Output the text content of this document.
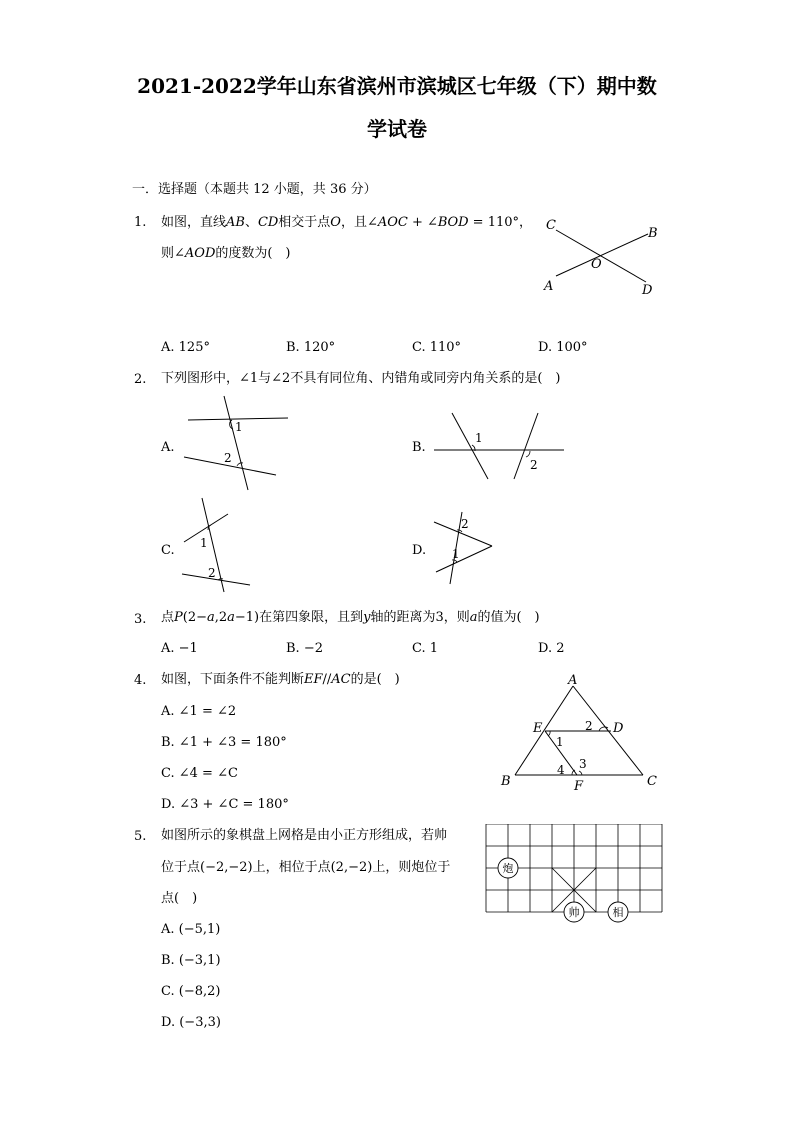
2021-2022学年山东省滨州市滨城区七年级（下）期中数
学试卷
一．选择题（本题共 12 小题，共 36 分）
1. 如图，直线𝐴𝐵、𝐶𝐷相交于点𝑂，且∠𝐴𝑂𝐶 + ∠𝐵𝑂𝐷 = 110°，
则∠𝐴𝑂𝐷的度数为(　)
C
B
O
A	D
A. 125°	B. 120°	C. 110°	D. 100°
2. 下列图形中，∠1与∠2不具有同位角、内错角或同旁内角关系的是(　)
A.
1
2
B.
1
2
C. 1
2
D.
2
1
3. 点𝑃(2−𝑎,2𝑎−1)在第四象限，且到𝑦轴的距离为3，则𝑎的值为(　)
A. −1	B. −2	C. 1	D. 2
4. 如图，下面条件不能判断𝐸𝐹//𝐴𝐶的是(　)
A. ∠1 = ∠2
B. ∠1 + ∠3 = 180°
C. ∠4 = ∠C
D. ∠3 + ∠C = 180°
A
E	D
2
1
4 3
B	F	C
5. 如图所示的象棋盘上网格是由小正方形组成，若帅
位于点(−2,−2)上，相位于点(2,−2)上，则炮位于
点(　)
A. (−5,1)
B. (−3,1)
C. (−8,2)
D. (−3,3)
炮
帅	相
